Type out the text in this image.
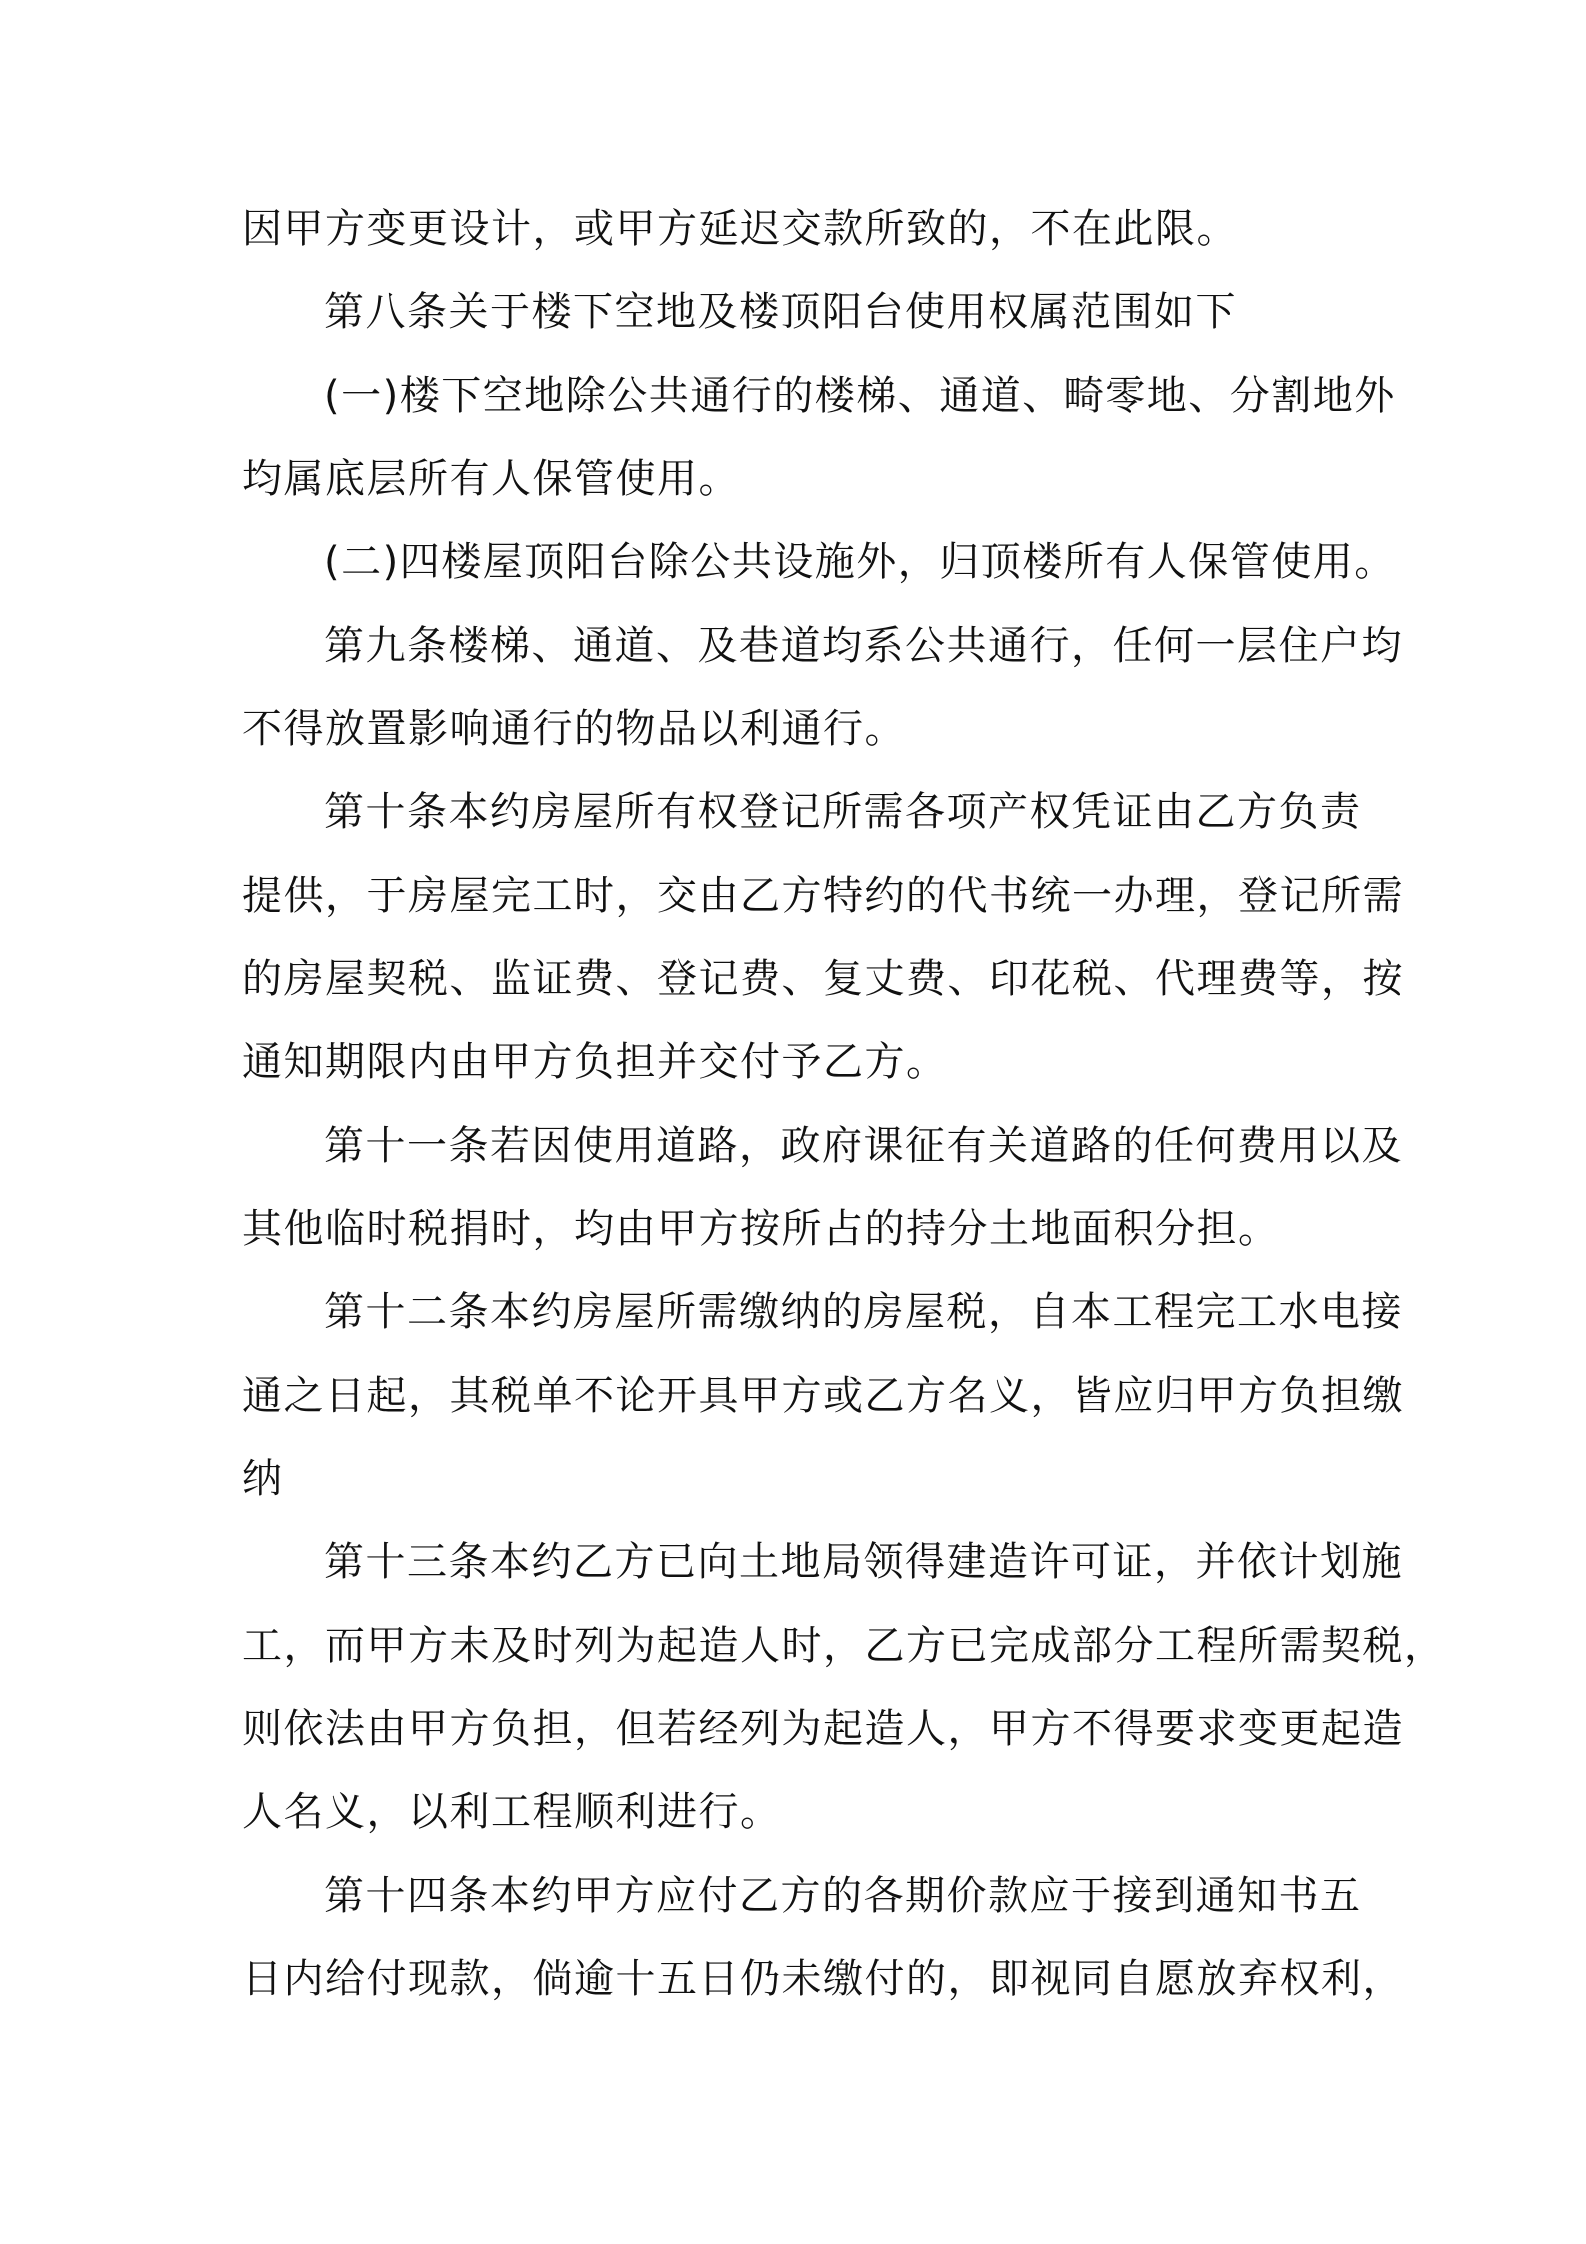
因甲方变更设计，或甲方延迟交款所致的，不在此限。
第八条关于楼下空地及楼顶阳台使用权属范围如下
(一)楼下空地除公共通行的楼梯、通道、畸零地、分割地外
均属底层所有人保管使用。
(二)四楼屋顶阳台除公共设施外，归顶楼所有人保管使用。
第九条楼梯、通道、及巷道均系公共通行，任何一层住户均
不得放置影响通行的物品以利通行。
第十条本约房屋所有权登记所需各项产权凭证由乙方负责
提供，于房屋完工时，交由乙方特约的代书统一办理，登记所需
的房屋契税、监证费、登记费、复丈费、印花税、代理费等，按
通知期限内由甲方负担并交付予乙方。
第十一条若因使用道路，政府课征有关道路的任何费用以及
其他临时税捐时，均由甲方按所占的持分土地面积分担。
第十二条本约房屋所需缴纳的房屋税，自本工程完工水电接
通之日起，其税单不论开具甲方或乙方名义，皆应归甲方负担缴
纳
第十三条本约乙方已向土地局领得建造许可证，并依计划施
工，而甲方未及时列为起造人时，乙方已完成部分工程所需契税，
则依法由甲方负担，但若经列为起造人，甲方不得要求变更起造
人名义，以利工程顺利进行。
第十四条本约甲方应付乙方的各期价款应于接到通知书五
日内给付现款，倘逾十五日仍未缴付的，即视同自愿放弃权利，
